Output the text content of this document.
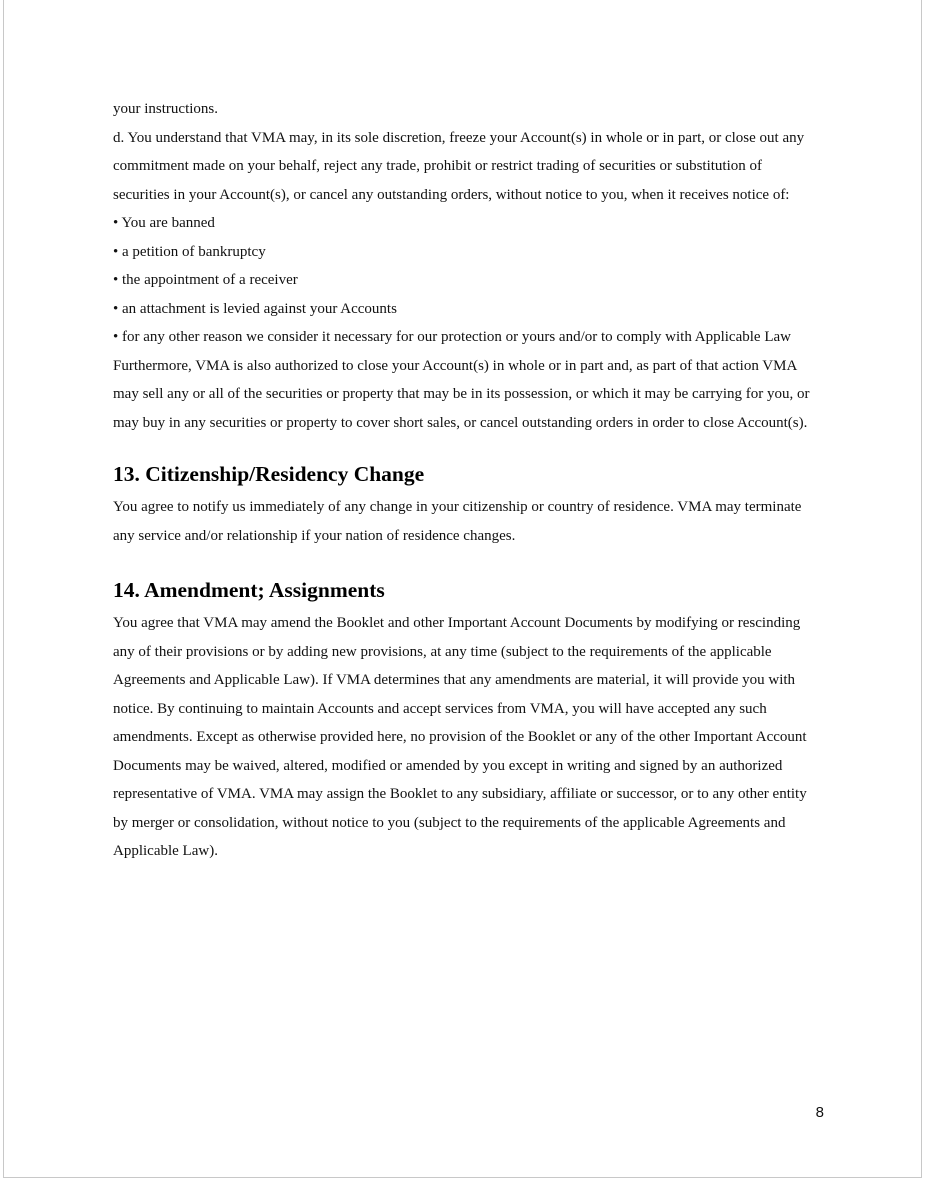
your instructions.

d. You understand that VMA may, in its sole discretion, freeze your Account(s) in whole or in part, or close out any commitment made on your behalf, reject any trade, prohibit or restrict trading of securities or substitution of securities in your Account(s), or cancel any outstanding orders, without notice to you, when it receives notice of:

• You are banned

• a petition of bankruptcy

• the appointment of a receiver

• an attachment is levied against your Accounts

• for any other reason we consider it necessary for our protection or yours and/or to comply with Applicable Law

Furthermore, VMA is also authorized to close your Account(s) in whole or in part and, as part of that action VMA may sell any or all of the securities or property that may be in its possession, or which it may be carrying for you, or may buy in any securities or property to cover short sales, or cancel outstanding orders in order to close Account(s).

13. Citizenship/Residency Change

You agree to notify us immediately of any change in your citizenship or country of residence. VMA may terminate any service and/or relationship if your nation of residence changes.

14. Amendment; Assignments

You agree that VMA may amend the Booklet and other Important Account Documents by modifying or rescinding any of their provisions or by adding new provisions, at any time (subject to the requirements of the applicable Agreements and Applicable Law). If VMA determines that any amendments are material, it will provide you with notice. By continuing to maintain Accounts and accept services from VMA, you will have accepted any such amendments. Except as otherwise provided here, no provision of the Booklet or any of the other Important Account Documents may be waived, altered, modified or amended by you except in writing and signed by an authorized representative of VMA. VMA may assign the Booklet to any subsidiary, affiliate or successor, or to any other entity by merger or consolidation, without notice to you (subject to the requirements of the applicable Agreements and Applicable Law).

8
